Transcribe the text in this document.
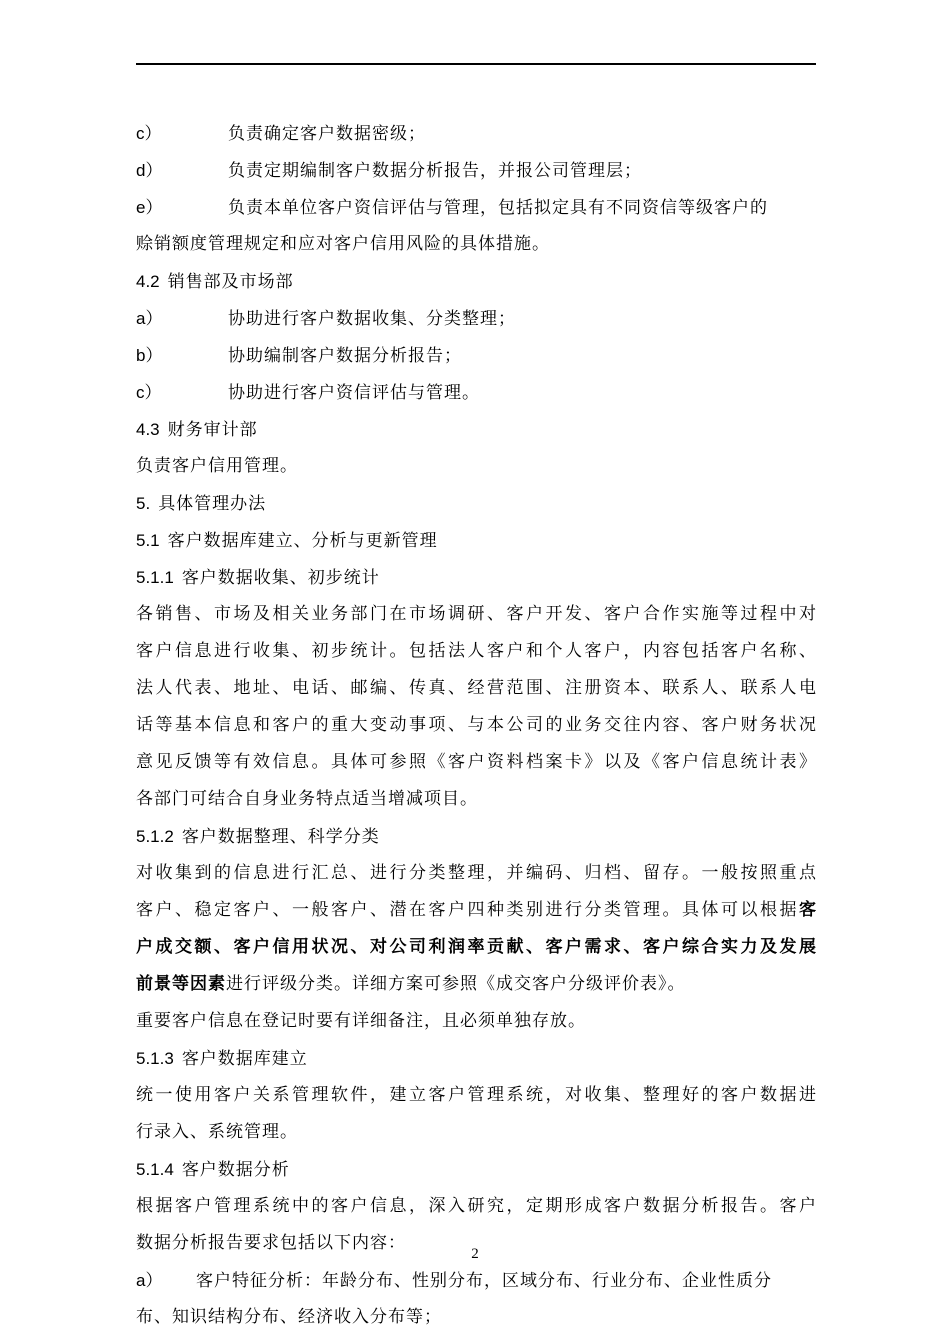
c）	负责确定客户数据密级；
d）	负责定期编制客户数据分析报告，并报公司管理层；
e）	负责本单位客户资信评估与管理，包括拟定具有不同资信等级客户的
赊销额度管理规定和应对客户信用风险的具体措施。
4.2 销售部及市场部
a）	协助进行客户数据收集、分类整理；
b）	协助编制客户数据分析报告；
c）	协助进行客户资信评估与管理。
4.3 财务审计部
负责客户信用管理。
5. 具体管理办法
5.1 客户数据库建立、分析与更新管理
5.1.1 客户数据收集、初步统计
各销售、市场及相关业务部门在市场调研、客户开发、客户合作实施等过程中对
客户信息进行收集、初步统计。包括法人客户和个人客户，内容包括客户名称、
法人代表、地址、电话、邮编、传真、经营范围、注册资本、联系人、联系人电
话等基本信息和客户的重大变动事项、与本公司的业务交往内容、客户财务状况
意见反馈等有效信息。具体可参照《客户资料档案卡》以及《客户信息统计表》
各部门可结合自身业务特点适当增减项目。
5.1.2 客户数据整理、科学分类
对收集到的信息进行汇总、进行分类整理，并编码、归档、留存。一般按照重点
客户、稳定客户、一般客户、潜在客户四种类别进行分类管理。具体可以根据客
户成交额、客户信用状况、对公司利润率贡献、客户需求、客户综合实力及发展
前景等因素进行评级分类。详细方案可参照《成交客户分级评价表》。
重要客户信息在登记时要有详细备注，且必须单独存放。
5.1.3 客户数据库建立
统一使用客户关系管理软件，建立客户管理系统，对收集、整理好的客户数据进
行录入、系统管理。
5.1.4 客户数据分析
根据客户管理系统中的客户信息，深入研究，定期形成客户数据分析报告。客户
数据分析报告要求包括以下内容：
a） 客户特征分析：年龄分布、性别分布，区域分布、行业分布、企业性质分
布、知识结构分布、经济收入分布等；
2
